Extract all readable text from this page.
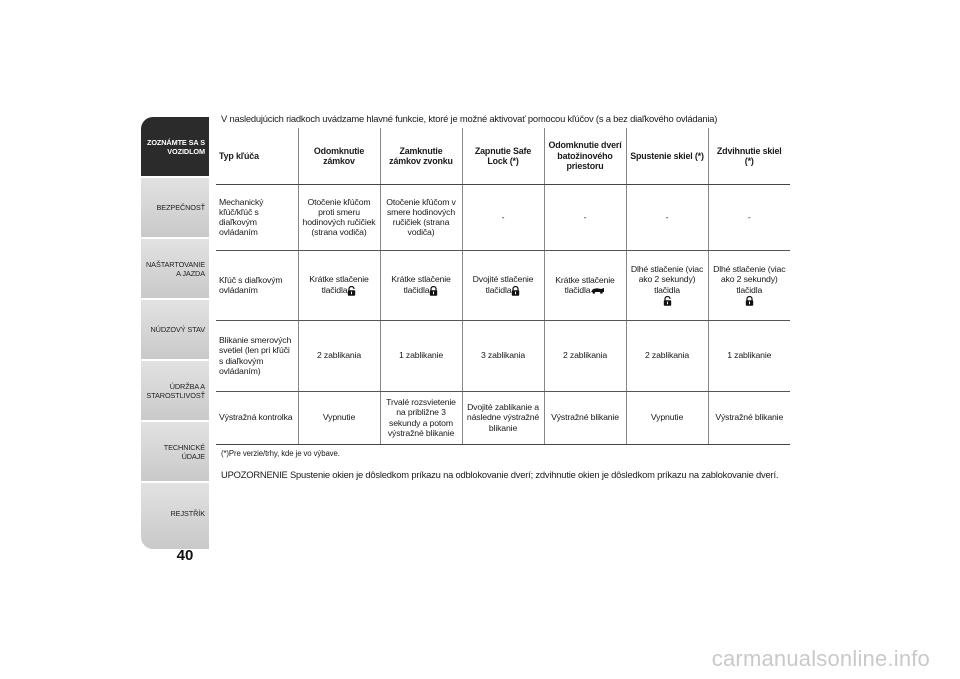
ZOZNÁMTE SA S VOZIDLOM
BEZPEČNOSŤ
NAŠTARTOVANIE A JAZDA
NÚDZOVÝ STAV
ÚDRŽBA A STAROSTLIVOSŤ
TECHNICKÉ ÚDAJE
REJSTŘÍK
40
V nasledujúcich riadkoch uvádzame hlavné funkcie, ktoré je možné aktivovať pomocou kľúčov (s a bez diaľkového ovládania)
Typ kľúča	Odomknutie zámkov	Zamknutie zámkov zvonku	Zapnutie Safe Lock (*)	Odomknutie dverí batožinového priestoru	Spustenie skiel (*)	Zdvihnutie skiel (*)
Mechanický kľúč/kľúč s diaľkovým ovládaním	Otočenie kľúčom proti smeru hodinových ručičiek (strana vodiča)	Otočenie kľúčom v smere hodinových ručičiek (strana vodiča)	-	-	-	-
Kľúč s diaľkovým ovládaním	Krátke stlačenie tlačidla	Krátke stlačenie tlačidla	Dvojité stlačenie tlačidla	Krátke stlačenie tlačidla	Dlhé stlačenie (viac ako 2 sekundy) tlačidla	Dlhé stlačenie (viac ako 2 sekundy) tlačidla

Blikanie smerových svetiel (len pri kľúči s diaľkovým ovládaním)	2 zablikania	1 zablikanie	3 zablikania	2 zablikania	2 zablikania	1 zablikanie
Výstražná kontrolka	Vypnutie	Trvalé rozsvietenie na približne 3 sekundy a potom výstražné blikanie	Dvojité zablikanie a následne výstražné blikanie	Výstražné blikanie	Vypnutie	Výstražné blikanie
(*)Pre verzie/trhy, kde je vo výbave.
UPOZORNENIE Spustenie okien je dôsledkom príkazu na odblokovanie dverí; zdvihnutie okien je dôsledkom príkazu na zablokovanie dverí.
carmanualsonline.info
